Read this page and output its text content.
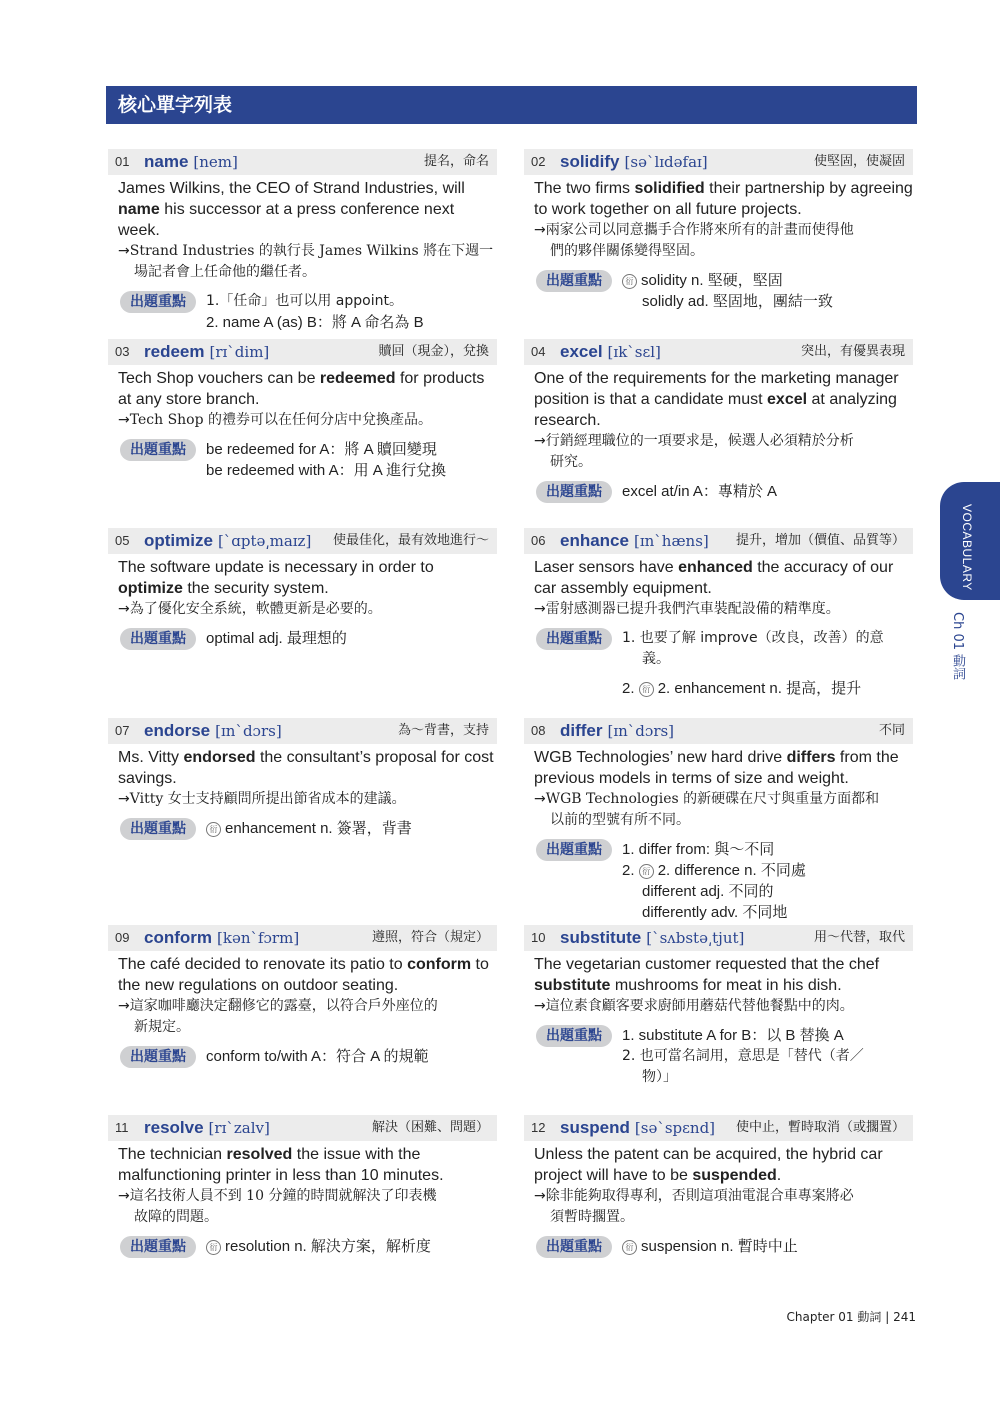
核心單字列表
VOCABULARY
Ch 01 動詞
01 name [nem]	提名，命名
James Wilkins, the CEO of Strand Industries, will name his successor at a press conference next week.
→Strand Industries 的執行長 James Wilkins 將在下週一
場記者會上任命他的繼任者。
出題重點	1.「任命」也可以用 appoint。
2. name A (as) B：將 A 命名為 B
02 solidify [səˋlɪdəfaɪ]	使堅固，使凝固
The two firms solidified their partnership by agreeing to work together on all future projects.
→兩家公司以同意攜手合作將來所有的計畫而使得他
們的夥伴關係變得堅固。
出題重點	衍 solidity n. 堅硬，堅固
solidly ad. 堅固地，團結一致
03 redeem [rɪˋdim]	贖回（現金），兌換
Tech Shop vouchers can be redeemed for products at any store branch.
→Tech Shop 的禮券可以在任何分店中兌換產品。
出題重點	be redeemed for A：將 A 贖回變現
be redeemed with A：用 A 進行兌換
04 excel [ɪkˋsɛl]	突出，有優異表現
One of the requirements for the marketing manager position is that a candidate must excel at analyzing research.
→行銷經理職位的一項要求是，候選人必須精於分析
研究。
出題重點	excel at/in A：專精於 A
05 optimize [ˋɑptə͵maɪz] 使最佳化，最有效地進行～
The software update is necessary in order to optimize the security system.
→為了優化安全系統，軟體更新是必要的。
出題重點	optimal adj. 最理想的
06 enhance [ɪnˋhæns] 提升，增加（價值、品質等）
Laser sensors have enhanced the accuracy of our car assembly equipment.
→雷射感測器已提升我們汽車裝配設備的精準度。
出題重點	1. 也要了解 improve（改良，改善）的意
義。
2. 衍 2. enhancement n. 提高，提升
07 endorse [ɪnˋdɔrs]	為～背書，支持
Ms. Vitty endorsed the consultant’s proposal for cost savings.
→Vitty 女士支持顧問所提出節省成本的建議。
出題重點	衍 enhancement n. 簽署，背書
08 differ [ɪnˋdɔrs]	不同
WGB Technologies’ new hard drive differs from the previous models in terms of size and weight.
→WGB Technologies 的新硬碟在尺寸與重量方面都和
以前的型號有所不同。
出題重點	1. differ from: 與～不同
2. 衍 2. difference n. 不同處
different adj. 不同的
differently adv. 不同地
09 conform [kənˋfɔrm]	遵照，符合（規定）
The café decided to renovate its patio to conform to the new regulations on outdoor seating.
→這家咖啡廳決定翻修它的露臺，以符合戶外座位的
新規定。
出題重點	conform to/with A：符合 A 的規範
10 substitute [ˋsʌbstə͵tjut]	用～代替，取代
The vegetarian customer requested that the chef substitute mushrooms for meat in his dish.
→這位素食顧客要求廚師用蘑菇代替他餐點中的肉。
出題重點	1. substitute A for B：以 B 替換 A
2. 也可當名詞用，意思是「替代（者／
物）」
11 resolve [rɪˋzalv]	解決（困難、問題）
The technician resolved the issue with the malfunctioning printer in less than 10 minutes.
→這名技術人員不到 10 分鐘的時間就解決了印表機
故障的問題。
出題重點	衍 resolution n. 解決方案，解析度
12 suspend [səˋspɛnd] 使中止，暫時取消（或擱置）
Unless the patent can be acquired, the hybrid car project will have to be suspended.
→除非能夠取得專利，否則這項油電混合車專案將必
須暫時擱置。
出題重點	衍 suspension n. 暫時中止
Chapter 01 動詞 | 241
